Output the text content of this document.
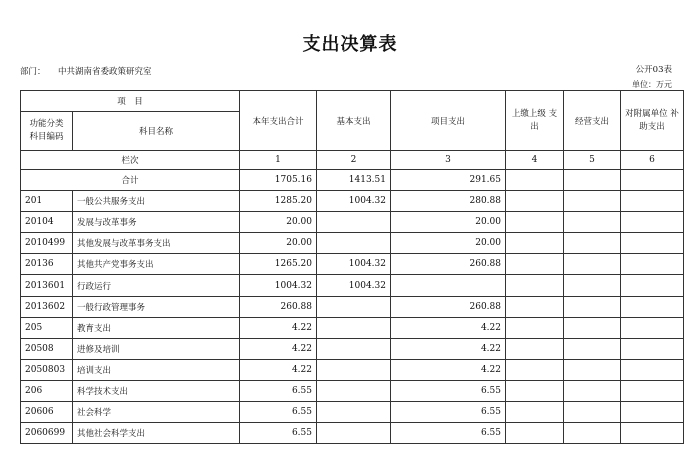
支出决算表
部门： 中共湖南省委政策研究室	公开03表
单位：万元
项　目		本年支出合计	基本支出	项目支出	上缴上级 支出	经营支出	对附属单位 补助支出
功能分类 科目编码	科目名称						
栏次		1	2	3	4	5	6
合计		1705.16	1413.51	291.65			
201	一般公共服务支出	1285.20	1004.32	280.88			
20104	发展与改革事务	20.00		20.00			
2010499	其他发展与改革事务支出	20.00		20.00			
20136	其他共产党事务支出	1265.20	1004.32	260.88			
2013601	行政运行	1004.32	1004.32				
2013602	一般行政管理事务	260.88		260.88			
205	教育支出	4.22		4.22			
20508	进修及培训	4.22		4.22			
2050803	培训支出	4.22		4.22			
206	科学技术支出	6.55		6.55			
20606	社会科学	6.55		6.55			
2060699	其他社会科学支出	6.55		6.55			
